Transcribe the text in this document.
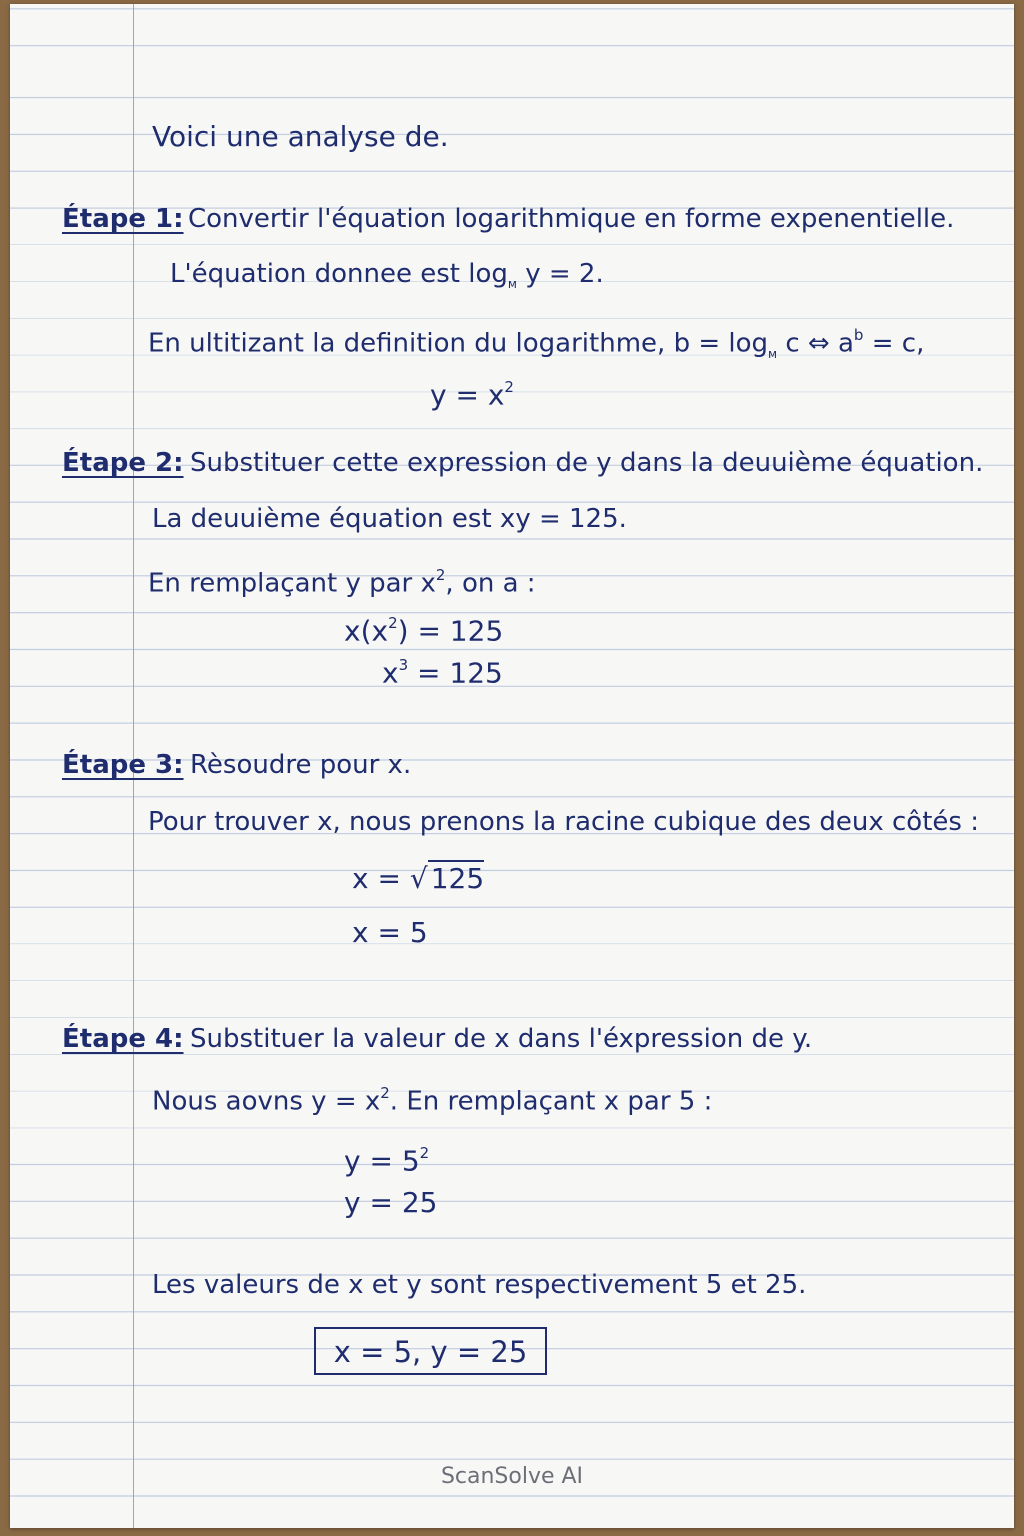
Voici une analyse de.
Étape 1: Convertir l'équation logarithmique en forme expenentielle.
L'équation donnee est $\log_м y = 2$.
En ultitizant la definition du logarithme, $b = \log_м c$ ⇔ $a^b = c$,
$y = x^2$
Étape 2: Substituer cette expression de y dans la deuuième équation.
La deuuième équation est xy = 125.
En remplaçant y par $x^2$, on a :
$x(x^2) = 125$
$x^3 = 125$
Étape 3: Rèsoudre pour x.
Pour trouver x, nous prenons la racine cubique des deux côtés :
x = √ 125
x = 5
Étape 4: Substituer la valeur de x dans l'éxpression de y.
Nous aovns $y = x^2$. En remplaçant x par 5 :
$y = 5^2$
y = 25
Les valeurs de x et y sont respectivement 5 et 25.
x = 5, y = 25
ScanSolve AI
